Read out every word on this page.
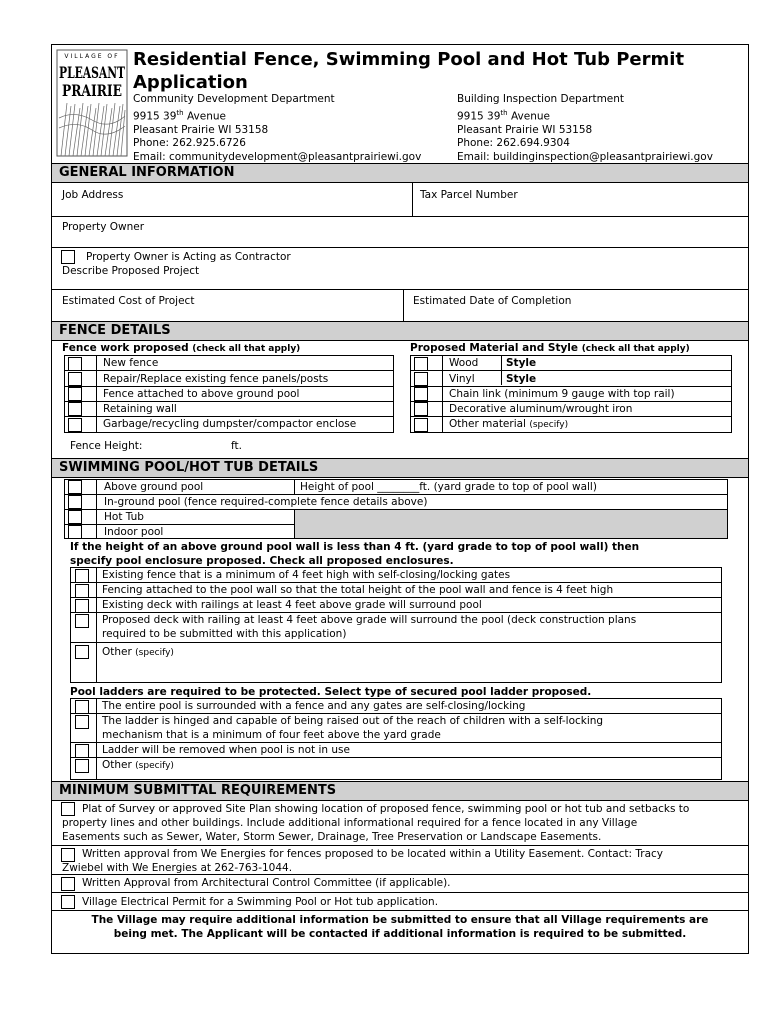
VILLAGE OF
PLEASANT
PRAIRIE
Residential Fence, Swimming Pool and Hot Tub Permit
Application
Community Development Department
9915 39th Avenue
Pleasant Prairie WI 53158
Phone: 262.925.6726
Email: communitydevelopment@pleasantprairiewi.gov
Building Inspection Department
9915 39th Avenue
Pleasant Prairie WI 53158
Phone: 262.694.9304
Email: buildinginspection@pleasantprairiewi.gov
GENERAL INFORMATION
Job Address	Tax Parcel Number
Property Owner
Property Owner is Acting as Contractor
Describe Proposed Project
Estimated Cost of Project	Estimated Date of Completion
FENCE DETAILS
Fence work proposed (check all that apply)	Proposed Material and Style (check all that apply)
New fence
Repair/Replace existing fence panels/posts
Fence attached to above ground pool
Retaining wall
Garbage/recycling dumpster/compactor enclose
Fence Height:	ft.
Wood	Style
Vinyl	Style
Chain link (minimum 9 gauge with top rail)
Decorative aluminum/wrought iron
Other material (specify)
SWIMMING POOL/HOT TUB DETAILS
Above ground pool	Height of pool ________ft. (yard grade to top of pool wall)
In-ground pool (fence required-complete fence details above)
Hot Tub
Indoor pool
If the height of an above ground pool wall is less than 4 ft. (yard grade to top of pool wall) then
specify pool enclosure proposed. Check all proposed enclosures.
Existing fence that is a minimum of 4 feet high with self-closing/locking gates
Fencing attached to the pool wall so that the total height of the pool wall and fence is 4 feet high
Existing deck with railings at least 4 feet above grade will surround pool
Proposed deck with railing at least 4 feet above grade will surround the pool (deck construction plans
required to be submitted with this application)
Other (specify)
Pool ladders are required to be protected. Select type of secured pool ladder proposed.
The entire pool is surrounded with a fence and any gates are self-closing/locking
The ladder is hinged and capable of being raised out of the reach of children with a self-locking
mechanism that is a minimum of four feet above the yard grade
Ladder will be removed when pool is not in use
Other (specify)
MINIMUM SUBMITTAL REQUIREMENTS
Plat of Survey or approved Site Plan showing location of proposed fence, swimming pool or hot tub and setbacks to
property lines and other buildings. Include additional informational required for a fence located in any Village
Easements such as Sewer, Water, Storm Sewer, Drainage, Tree Preservation or Landscape Easements.
Written approval from We Energies for fences proposed to be located within a Utility Easement. Contact: Tracy
Zwiebel with We Energies at 262-763-1044.
Written Approval from Architectural Control Committee (if applicable).
Village Electrical Permit for a Swimming Pool or Hot tub application.
The Village may require additional information be submitted to ensure that all Village requirements are
being met. The Applicant will be contacted if additional information is required to be submitted.
